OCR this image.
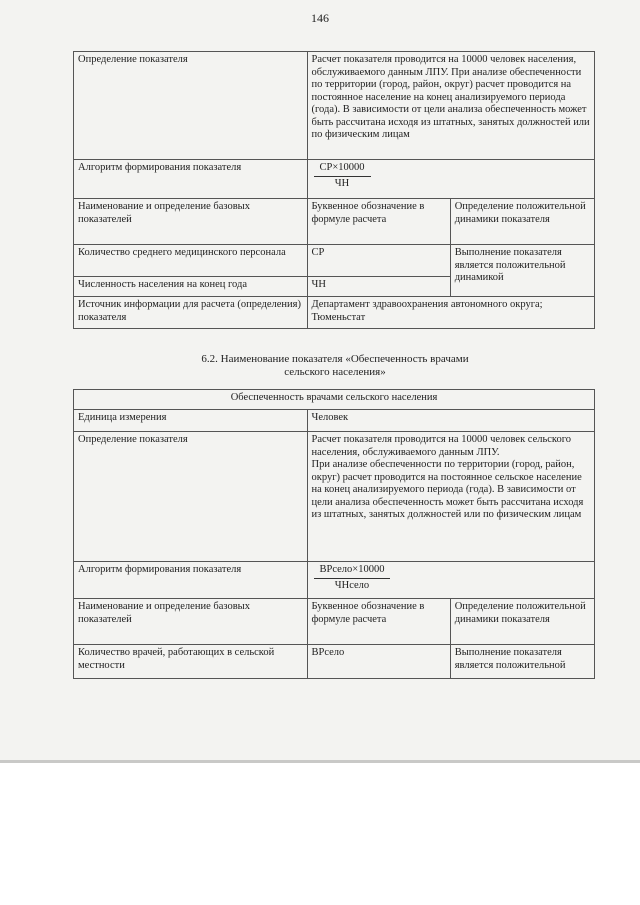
146
Определение показателя	Расчет показателя проводится на 10000 человек населения, обслуживаемого данным ЛПУ. При анализе обеспеченности по территории (город, район, округ) расчет проводится на постоянное население на конец анализируемого периода (года). В зависимости от цели анализа обеспеченность может быть рассчитана исходя из штатных, занятых должностей или по физическим лицам	
Алгоритм формирования показателя	$\frac{СР\times 10000}{ЧН}$

Наименование и определение базовых показателей	Буквенное обозначение в формуле расчета	Определение положительной динамики показателя
Количество среднего медицинского персонала	СР	Выполнение показателя является положительной динамикой
Численность населения на конец года	ЧН	
Источник информации для расчета (определения) показателя	Департамент здравоохранения автономного округа; Тюменьстат	
6.2. Наименование показателя «Обеспеченность врачами
сельского населения»
Обеспеченность врачами сельского населения		
Единица измерения	Человек	
Определение показателя	Расчет показателя проводится на 10000 человек сельского населения, обслуживаемого данным ЛПУ.
При анализе обеспеченности по территории (город, район, округ) расчет проводится на постоянное сельское население на конец анализируемого периода (года). В зависимости от цели анализа обеспеченность может быть рассчитана исходя из штатных, занятых должностей или по физическим лицам	

Алгоритм формирования показателя	$\frac{\text{ВРсело×10000}}{\text{ЧНсело}}$

Наименование и определение базовых показателей	Буквенное обозначение в формуле расчета	Определение положительной динамики показателя
Количество врачей, работающих в сельской местности	ВРсело	Выполнение показателя является положительной
